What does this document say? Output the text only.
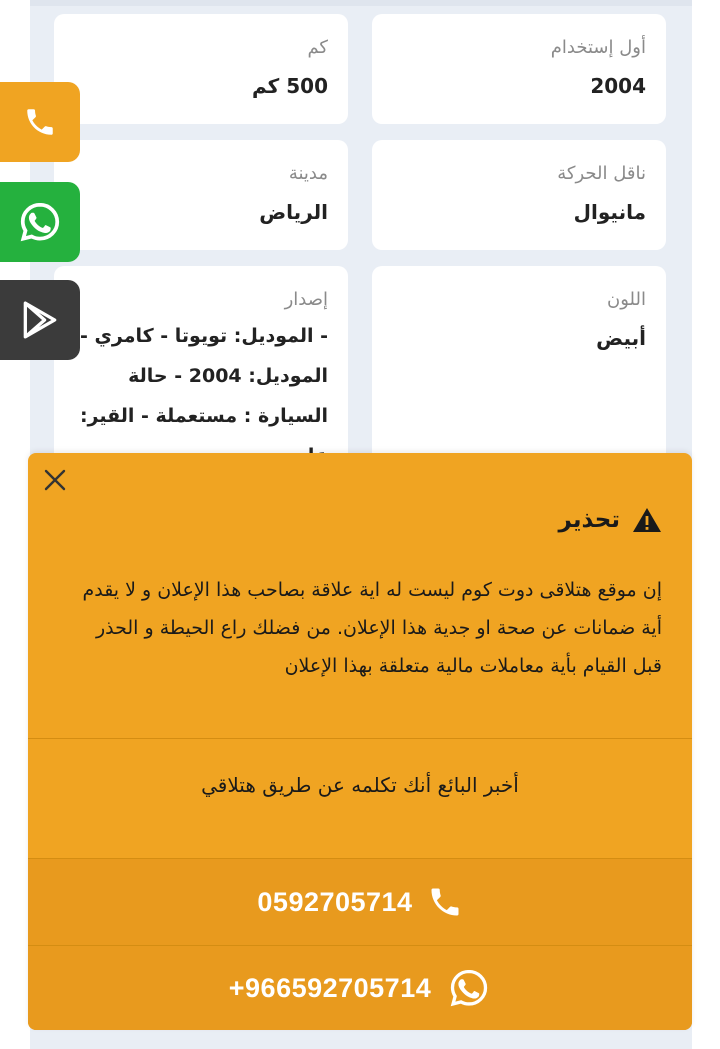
أول إستخدام
2004
كم
500 كم
ناقل الحركة
مانيوال
مدينة
الرياض
اللون
أبيض
إصدار
- الموديل: تويوتا - كامري - الموديل: 2004 - حالة السيارة : مستعملة - القير:
تحذير
إن موقع هتلاقى دوت كوم ليست له اية علاقة بصاحب هذا الإعلان و لا يقدم أية ضمانات عن صحة او جدية هذا الإعلان. من فضلك راع الحيطة و الحذر قبل القيام بأية معاملات مالية متعلقة بهذا الإعلان
أخبر البائع أنك تكلمه عن طريق هتلاقي
0592705714
+966592705714
